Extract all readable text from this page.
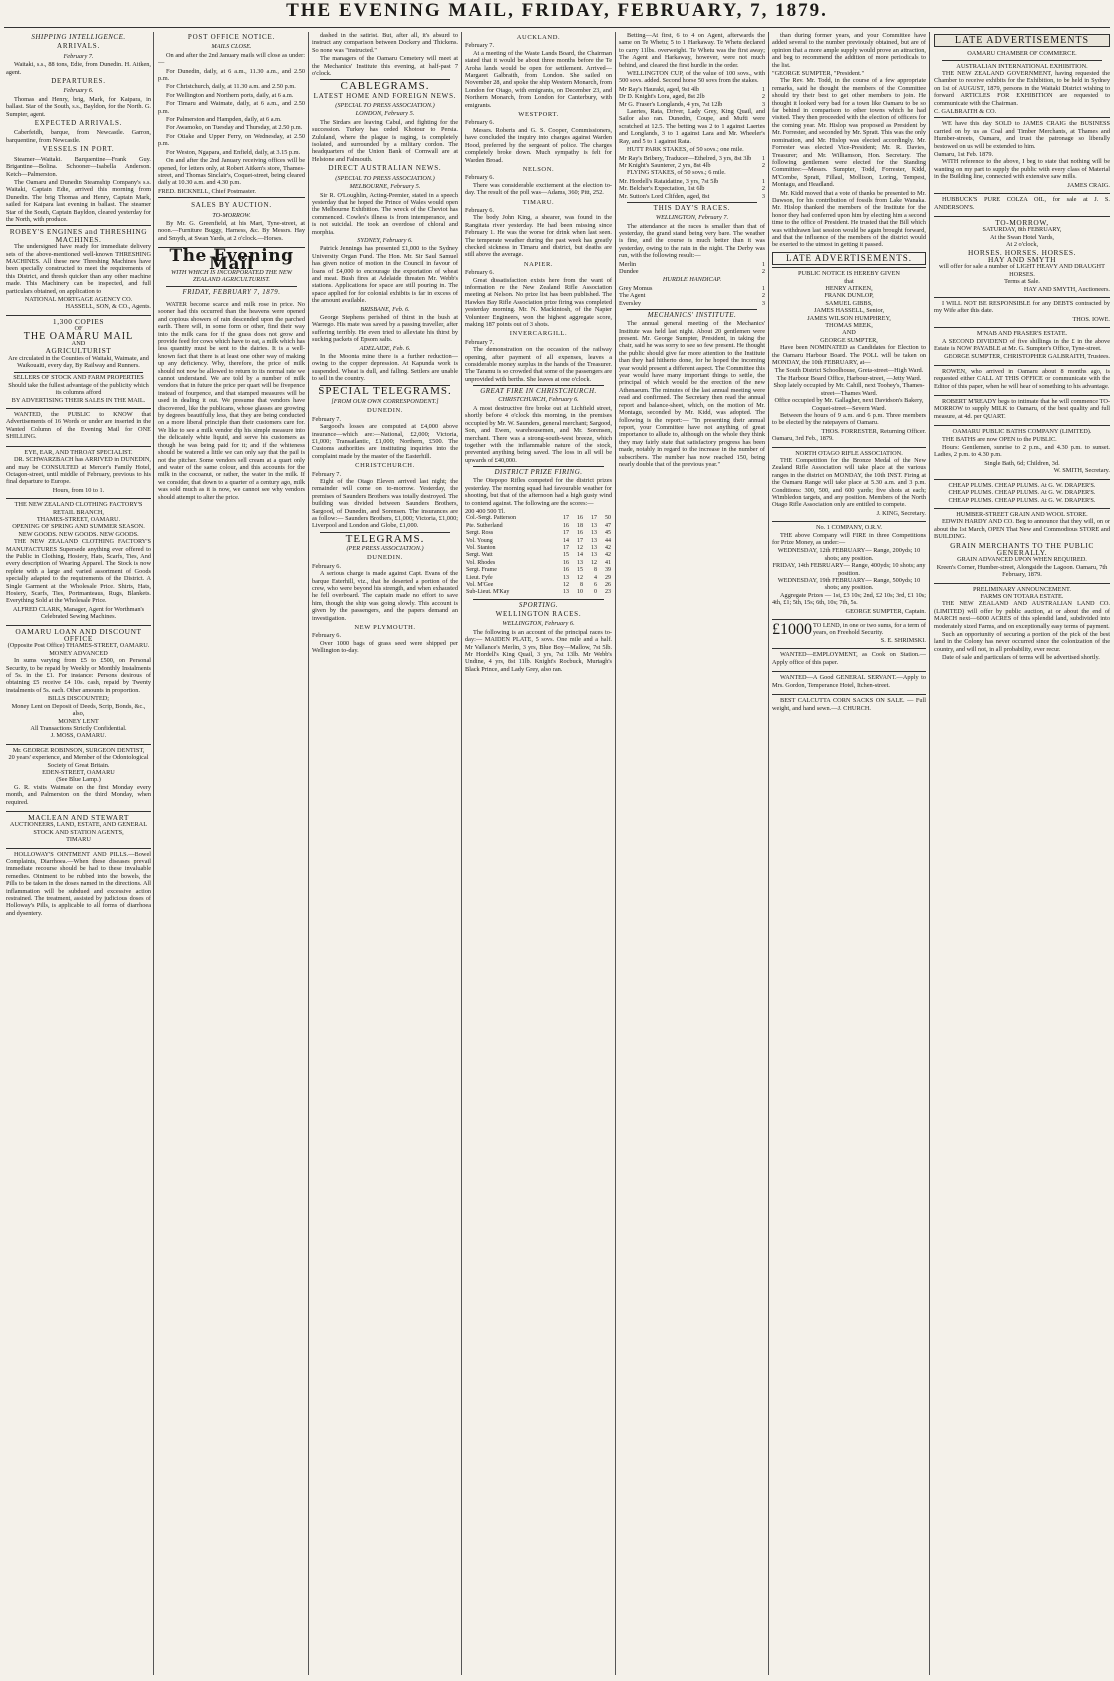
THE EVENING MAIL, FRIDAY, FEBRUARY, 7, 1879.
SHIPPING INTELLIGENCE.
ARRIVALS.
February 7.

Waitaki, s.s., 88 tons, Edie, from Dunedin. H. Aitken, agent.

DEPARTURES.
February 6.

Thomas and Henry, brig, Mark, for Kaipara, in ballast. Star of the South, s.s., Bayldon, for the North. G. Sumpter, agent.

EXPECTED ARRIVALS.

Caberfeidh, barque, from Newcastle. Garron, barquentine, from Newcastle.

VESSELS IN PORT.

Steamer—Waitaki. Barquentine—Frank Guy. Brigantine—Bolina. Schooner—Isabella Anderson. Ketch—Palmerston.

The Oamaru and Dunedin Steamship Company's s.s. Waitaki, Captain Edie, arrived this morning from Dunedin. The brig Thomas and Henry, Captain Mark, sailed for Kaipara last evening in ballast. The steamer Star of the South, Captain Bayldon, cleared yesterday for the North, with produce.

ROBEY'S ENGINES and THRESHING MACHINES.

The undersigned have ready for immediate delivery sets of the above-mentioned well-known THRESHING MACHINES. All these new Threshing Machines have been specially constructed to meet the requirements of this District, and thresh quicker than any other machine made. This Machinery can be inspected, and full particulars obtained, on application to

NATIONAL MORTGAGE AGENCY CO.
HASSELL, SON, & CO., Agents.
1,300 COPIES
OF
THE OAMARU MAIL
AND
AGRICULTURIST
Are circulated in the Counties of Waitaki, Waimate, and Waikouaiti, every day, By Railway and Runners.
SELLERS OF STOCK AND FARM PROPERTIES
Should take the fullest advantage of the publicity which its columns afford
BY ADVERTISING THEIR SALES IN THE MAIL.

WANTED, the PUBLIC to KNOW that Advertisements of 16 Words or under are inserted in the Wanted Column of the Evening Mail for ONE SHILLING.

EYE, EAR, AND THROAT SPECIALIST.

DR. SCHWARZBACH has ARRIVED in DUNEDIN, and may be CONSULTED at Mercer's Family Hotel, Octagon-street, until middle of February, previous to his final departure to Europe.

Hours, from 10 to 1.
THE NEW ZEALAND CLOTHING FACTORY'S RETAIL BRANCH,
THAMES-STREET, OAMARU.
OPENING OF SPRING AND SUMMER SEASON. NEW GOODS. NEW GOODS. NEW GOODS.

THE NEW ZEALAND CLOTHING FACTORY'S MANUFACTURES Supersede anything ever offered to the Public in Clothing, Hosiery, Hats, Scarfs, Ties, And every description of Wearing Apparel. The Stock is now replete with a large and varied assortment of Goods specially adapted to the requirements of the District. A Single Garment at the Wholesale Price. Shirts, Hats, Hosiery, Scarfs, Ties, Portmanteaus, Rugs, Blankets. Everything Sold at the Wholesale Price.

ALFRED CLARK, Manager, Agent for Worthman's Celebrated Sewing Machines.
OAMARU LOAN AND DISCOUNT OFFICE
(Opposite Post Office) THAMES-STREET, OAMARU.
MONEY ADVANCED

In sums varying from £5 to £500, on Personal Security, to be repaid by Weekly or Monthly Instalments of 5s. in the £1. For instance: Persons desirous of obtaining £5 receive £4 10s. cash, repaid by Twenty instalments of 5s. each. Other amounts in proportion.

BILLS DISCOUNTED;
Money Lent on Deposit of Deeds, Scrip, Bonds, &c., also,
MONEY LENT
All Transactions Strictly Confidential.
J. MOSS, OAMARU.
Mr. GEORGE ROBINSON, SURGEON DENTIST,
20 years' experience, and Member of the Odontological Society of Great Britain.
EDEN-STREET, OAMARU
(See Blue Lamp.)

G. R. visits Waimate on the first Monday every month, and Palmerston on the third Monday, when required.

MACLEAN AND STEWART
AUCTIONEERS, LAND, ESTATE, AND GENERAL STOCK AND STATION AGENTS,
TIMARU

HOLLOWAY'S OINTMENT AND PILLS.—Bowel Complaints, Diarrhoea.—When these diseases prevail immediate recourse should be had to these invaluable remedies. Ointment to be rubbed into the bowels, the Pills to be taken in the doses named in the directions. All inflammation will be subdued and excessive action restrained. The treatment, assisted by judicious doses of Holloway's Pills, is applicable to all forms of diarrhoea and dysentery.

POST OFFICE NOTICE.
MAILS CLOSE.

On and after the 2nd January mails will close as under:—

For Dunedin, daily, at 6 a.m., 11.30 a.m., and 2.50 p.m.

For Christchurch, daily, at 11.30 a.m. and 2.50 p.m.

For Wellington and Northern ports, daily, at 6 a.m.

For Timaru and Waimate, daily, at 6 a.m., and 2.50 p.m.

For Palmerston and Hampden, daily, at 6 a.m.

For Awamoko, on Tuesday and Thursday, at 2.50 p.m.

For Otiake and Upper Ferry, on Wednesday, at 2.50 p.m.

For Weston, Ngapara, and Enfield, daily, at 3.15 p.m.

On and after the 2nd January receiving offices will be opened, for letters only, at Robert Aitken's store, Thames-street, and Thomas Sinclair's, Coquet-street, being cleared daily at 10.30 a.m. and 4.30 p.m.

FRED. BICKNELL, Chief Postmaster.
SALES BY AUCTION.
TO-MORROW.

By Mr. G. Greenfield, at his Mart, Tyne-street, at noon.—Furniture Buggy, Harness, &c. By Messrs. Hay and Smyth, at Swan Yards, at 2 o'clock.—Horses.

The Evening Mail
WITH WHICH IS INCORPORATED THE NEW ZEALAND AGRICULTURIST.
FRIDAY, FEBRUARY 7, 1879.

WATER become scarce and milk rose in price. No sooner had this occurred than the heavens were opened and copious showers of rain descended upon the parched earth. There will, in some form or other, find their way into the milk cans for if the grass does not grow and provide feed for cows which have to eat, a milk which has less quantity must be sent to the dairies. It is a well-known fact that there is at least one other way of making up any deficiency. Why, therefore, the price of milk should not now be allowed to return to its normal rate we cannot understand. We are told by a number of milk vendors that in future the price per quart will be fivepence instead of fourpence, and that stamped measures will be used in dealing it out. We presume that vendors have discovered, like the publicans, whose glasses are growing by degrees beautifully less, that they are being conducted on a more liberal principle than their customers care for. We like to see a milk vendor dip his simple measure into the delicately white liquid, and serve his customers as though he was being paid for it; and if the whiteness should be watered a little we can only say that the pail is not the pitcher. Some vendors sell cream at a quart only and water of the same colour, and this accounts for the milk in the cocoanut, or rather, the water in the milk. If we consider, that down to a quarter of a century ago, milk was sold much as it is now, we cannot see why vendors should attempt to alter the price.

dashed in the satirist. But, after all, it's absurd to instruct any comparison between Dockery and Thickens. So none was "instructed."

The managers of the Oamaru Cemetery will meet at the Mechanics' Institute this evening, at half-past 7 o'clock.

CABLEGRAMS.
LATEST HOME AND FOREIGN NEWS.
(SPECIAL TO PRESS ASSOCIATION.)
LONDON, February 5.

The Sirdars are leaving Cabul, and fighting for the succession. Turkey has ceded Khotour to Persia. Zululand, where the plague is raging, is completely isolated, and surrounded by a military cordon. The headquarters of the Union Bank of Cornwall are at Helstone and Falmouth.

DIRECT AUSTRALIAN NEWS.
(SPECIAL TO PRESS ASSOCIATION.)
MELBOURNE, February 5.

Sir R. O'Loughlin, Acting-Premier, stated in a speech yesterday that he hoped the Prince of Wales would open the Melbourne Exhibition. The wreck of the Cheviot has commenced. Cowles's illness is from intemperance, and is not suicidal. He took an overdose of chloral and morphia.

SYDNEY, February 6.

Patrick Jennings has presented £1,000 to the Sydney University Organ Fund. The Hon. Mr. Sir Saul Samuel has given notice of motion in the Council in favour of loans of £4,000 to encourage the exportation of wheat and meat. Bush fires at Adelaide threaten Mr. Webb's stations. Applications for space are still pouring in. The space applied for for colonial exhibits is far in excess of the amount available.

BRISBANE, Feb. 6.

George Stephens perished of thirst in the bush at Warrego. His mate was saved by a passing traveller, after suffering terribly. He even tried to alleviate his thirst by sucking packets of Epsom salts.

ADELAIDE, Feb. 6.

In the Moonta mine there is a further reduction—owing to the copper depression. At Kapunda work is suspended. Wheat is dull, and falling. Settlers are unable to sell in the country.

SPECIAL TELEGRAMS.
[FROM OUR OWN CORRESPONDENT.]
DUNEDIN.
February 7.

Sargood's losses are computed at £4,000 above insurance—which are:—National, £2,000; Victoria, £1,000; Transatlantic, £1,000; Northern, £500. The Customs authorities are instituting inquiries into the complaint made by the master of the Easterhill.

CHRISTCHURCH.
February 7.

Eight of the Otago Eleven arrived last night; the remainder will come on to-morrow. Yesterday, the premises of Saunders Brothers was totally destroyed. The building was divided between Saunders Brothers, Sargood, of Dunedin, and Sorensen. The insurances are as follow:— Saunders Brothers, £1,000; Victoria, £1,000; Liverpool and London and Globe, £1,000.

TELEGRAMS.
(PER PRESS ASSOCIATION.)
DUNEDIN.
February 6.

A serious charge is made against Capt. Evans of the barque Esterhill, viz., that he deserted a portion of the crew, who were beyond his strength, and when exhausted he fell overboard. The captain made no effort to save him, though the ship was going slowly. This account is given by the passengers, and the papers demand an investigation.

NEW PLYMOUTH.
February 6.

Over 1000 bags of grass seed were shipped per Wellington to-day.

AUCKLAND.
February 7.

At a meeting of the Waste Lands Board, the Chairman stated that it would be about three months before the Te Aroha lands would be open for settlement. Arrived—Margaret Galbraith, from London. She sailed on November 28, and spoke the ship Western Monarch, from London for Otago, with emigrants, on December 23, and Northern Monarch, from London for Canterbury, with emigrants.

WESTPORT.
February 6.

Messrs. Roberts and G. S. Cooper, Commissioners, have concluded the inquiry into charges against Warden Hood, preferred by the sergeant of police. The charges completely broke down. Much sympathy is felt for Warden Broad.

NELSON.
February 6.

There was considerable excitement at the election to-day. The result of the poll was—Adams, 360; Pitt, 252.

TIMARU.
February 6.

The body John King, a shearer, was found in the Rangitata river yesterday. He had been missing since February 1. He was the worse for drink when last seen. The temperate weather during the past week has greatly checked sickness in Timaru and district, but deaths are still above the average.

NAPIER.
February 6.

Great dissatisfaction exists here from the want of information re the New Zealand Rifle Association meeting at Nelson. No prize list has been published. The Hawkes Bay Rifle Association prize firing was completed yesterday morning. Mr. N. Mackintosh, of the Napier Volunteer Engineers, won the highest aggregate score, making 187 points out of 3 shots.

INVERCARGILL.
February 7.

The demonstration on the occasion of the railway opening, after payment of all expenses, leaves a considerable money surplus in the hands of the Treasurer. The Taramu is so crowded that some of the passengers are unprovided with berths. She leaves at one o'clock.

GREAT FIRE IN CHRISTCHURCH.
CHRISTCHURCH, February 6.

A most destructive fire broke out at Lichfield street, shortly before 4 o'clock this morning, in the premises occupied by Mr. W. Saunders, general merchant; Sargood, Son, and Ewen, warehousemen, and Mr. Sorensen, merchant. There was a strong-south-west breeze, which together with the inflammable nature of the stock, prevented anything being saved. The loss in all will be upwards of £40,000.

DISTRICT PRIZE FIRING.

The Otepopo Rifles competed for the district prizes yesterday. The morning squad had favourable weather for shooting, but that of the afternoon had a high gusty wind to contend against. The following are the scores:—

200 400 500 Tl.
Col.-Sergt. Patterson	17	16	17	50
Pte. Sutherland	16	18	13	47
Sergt. Ross	17	16	13	45
Vol. Young	14	17	13	44
Vol. Stanton	17	12	13	42
Sergt. Watt	15	14	13	42
Vol. Rhodes	16	13	12	41
Sergt. Frame	16	15	8	39
Lieut. Fyfe	13	12	4	29
Vol. M'Gee	12	8	6	26
Sub-Lieut. M'Kay	13	10	0	23
SPORTING.
WELLINGTON RACES.
WELLINGTON, February 6.

The following is an account of the principal races to-day:— MAIDEN PLATE, 5 sovs. One mile and a half. Mr Vallance's Merlin, 3 yrs, Blue Boy—Mallow, 7st 5lb. Mr Hordell's King Quail, 3 yrs, 7st 13lb. Mr Webb's Undine, 4 yrs, 8st 11lb. Knight's Rocbuck, Murtagh's Black Prince, and Lady Grey, also ran.

Betting—At first, 6 to 4 on Agent, afterwards the same on Te Whetu; 5 to 1 Harkaway. Te Whetu declared to carry 11lbs. overweight. Te Whetu was the first away; The Agent and Harkaway, however, were not much behind, and cleared the first hurdle in the order.

WELLINGTON CUP, of the value of 100 sovs., with 500 sovs. added. Second horse 50 sovs from the stakes.

Mr Ray's Hauraki, aged, 9st 4lb	1
Dr D. Knight's Lora, aged, 8st 2lb	2
Mr G. Fraser's Longlands, 4 yrs, 7st 12lb	3

Laertes, Rata, Driver, Lady Grey, King Quail, and Sailor also ran. Dunedin, Coupe, and Mufti were scratched at 12.5. The betting was 2 to 1 against Laertes and Longlands, 3 to 1 against Lara and Mr. Wheeler's Ray, and 5 to 1 against Rata.

HUTT PARK STAKES, of 50 sovs.; one mile.

Mr Ray's Bribery, Traducer—Ethelred, 3 yrs, 8st 3lb	1
Mr Knight's Saunterer, 2 yrs, 8st 4lb	2

FLYING STAKES, of 50 sovs.; 6 mile.

Mr. Hordell's Rataidatine, 3 yrs, 7st 5lb	1
Mr. Belcher's Expectation, 1st 6lb	2
Mr. Sutton's Lord Clifden, aged, 8st	3
THIS DAY'S RACES.
WELLINGTON, February 7.

The attendance at the races is smaller than that of yesterday, the grand stand being very bare. The weather is fine, and the course is much better than it was yesterday, owing to the rain in the night. The Derby was run, with the following result:—

Merlin	1
Dundee	2
HURDLE HANDICAP.
Grey Momus	1
The Agent	2
Eversley	3
MECHANICS' INSTITUTE.

The annual general meeting of the Mechanics' Institute was held last night. About 20 gentlemen were present. Mr. George Sumpter, President, in taking the chair, said he was sorry to see so few present. He thought the public should give far more attention to the Institute than they had hitherto done, for he hoped the incoming year would present a different aspect. The Committee this year would have many important things to settle, the principal of which would be the erection of the new Athenaeum. The minutes of the last annual meeting were read and confirmed. The Secretary then read the annual report and balance-sheet, which, on the motion of Mr. Montagu, seconded by Mr. Kidd, was adopted. The following is the report:— "In presenting their annual report, your Committee have not anything of great importance to allude to, although on the whole they think they may fairly state that satisfactory progress has been made, notably in regard to the increase in the number of subscribers. The number has now reached 150, being nearly double that of the previous year."

than during former years, and your Committee have added several to the number previously obtained, but are of opinion that a more ample supply would prove an attraction, and beg to recommend the addition of more periodicals to the list.

"GEORGE SUMPTER, "President."

The Rev. Mr. Todd, in the course of a few appropriate remarks, said he thought the members of the Committee should try their best to get other members to join. He thought it looked very bad for a town like Oamaru to be so far behind in comparison to other towns which he had visited. They then proceeded with the election of officers for the coming year. Mr. Hislop was proposed as President by Mr. Forrester, and seconded by Mr. Spratt. This was the only nomination, and Mr. Hislop was elected accordingly. Mr. Forrester was elected Vice-President; Mr. R. Davies, Treasurer; and Mr. Williamson, Hon. Secretary. The following gentlemen were elected for the Standing Committee:—Messrs. Sumpter, Todd, Forrester, Kidd, M'Combe, Spratt, Fillaul, Mollison, Loring, Tempest, Montagu, and Headland.

Mr. Kidd moved that a vote of thanks be presented to Mr. Dawson, for his contribution of fossils from Lake Wanaka. Mr. Hislop thanked the members of the Institute for the honor they had conferred upon him by electing him a second time to the office of President. He trusted that the Bill which was withdrawn last session would be again brought forward, and that the influence of the members of the district would be exerted to the utmost in getting it passed.

LATE ADVERTISEMENTS.
PUBLIC NOTICE IS HEREBY GIVEN
that
HENRY AITKEN,
FRANK DUNLOP,
SAMUEL GIBBS,
JAMES HASSELL, Senior,
JAMES WILSON HUMPHREY,
THOMAS MEEK,
AND
GEORGE SUMPTER,

Have been NOMINATED as Candidates for Election to the Oamaru Harbour Board. The POLL will be taken on MONDAY, the 10th FEBRUARY, at—

The South District Schoolhouse, Greta-street—High Ward.
The Harbour Board Office, Harbour-street, —Jetty Ward.
Shop lately occupied by Mr. Cahill, next Toohey's, Thames-street—Thames Ward.
Office occupied by Mr. Gallagher, next Davidson's Bakery, Coquet-street—Severn Ward.

Between the hours of 9 a.m. and 6 p.m. Three members to be elected by the ratepayers of Oamaru.

THOS. FORRESTER, Returning Officer.
Oamaru, 3rd Feb., 1879.
NORTH OTAGO RIFLE ASSOCIATION.

THE Competition for the Bronze Medal of the New Zealand Rifle Association will take place at the various ranges in the district on MONDAY, the 10th INST. Firing at the Oamaru Range will take place at 5.30 a.m. and 3 p.m. Conditions: 300, 500, and 600 yards; five shots at each; Wimbledon targets, and any position. Members of the North Otago Rifle Association only are entitled to compete.

J. KING, Secretary.
No. 1 COMPANY, O.R.V.

THE above Company will FIRE in three Competitions for Prize Money, as under:—

WEDNESDAY, 12th FEBRUARY— Range, 200yds; 10 shots; any position.
FRIDAY, 14th FEBRUARY— Range, 400yds; 10 shots; any position.
WEDNESDAY, 19th FEBRUARY— Range, 500yds; 10 shots; any position.

Aggregate Prizes — 1st, £3 10s; 2nd, £2 10s; 3rd, £1 10s; 4th, £1; 5th, 15s; 6th, 10s; 7th, 5s.

GEORGE SUMPTER, Captain.
£1000 TO LEND, in one or two sums, for a term of years, on Freehold Security.
S. E. SHRIMSKI.

WANTED—EMPLOYMENT, as Cook on Station.—Apply office of this paper.

WANTED—A Good GENERAL SERVANT.—Apply to Mrs. Gordon, Temperance Hotel, Itchen-street.

BEST CALCUTTA CORN SACKS ON SALE. — Full weight, and hand sewn.—J. CHURCH.

LATE ADVERTISEMENTS
OAMARU CHAMBER OF COMMERCE.
AUSTRALIAN INTERNATIONAL EXHIBITION.

THE NEW ZEALAND GOVERNMENT, having requested the Chamber to receive exhibits for the Exhibition, to be held in Sydney on 1st of AUGUST, 1879, persons in the Waitaki District wishing to forward ARTICLES FOR EXHIBITION are requested to communicate with the Chairman.

C. GALBRAITH & CO.

WE have this day SOLD to JAMES CRAIG the BUSINESS carried on by us as Coal and Timber Merchants, at Thames and Humber-streets, Oamaru, and trust the patronage so liberally bestowed on us will be extended to him.

Oamaru, 1st Feb. 1879.

WITH reference to the above, I beg to state that nothing will be wanting on my part to supply the public with every class of Material in the Building line, connected with extensive saw mills.

JAMES CRAIG.

HUBBUCK'S PURE COLZA OIL, for sale at J. S. ANDERSON'S.

TO-MORROW,
SATURDAY, 8th FEBRUARY,
At the Swan Hotel Yards,
At 2 o'clock,
HORSES. HORSES. HORSES.
HAY AND SMYTH
will offer for sale a number of LIGHT HEAVY AND DRAUGHT HORSES.
Terms at Sale.
HAY AND SMYTH, Auctioneers.

I WILL NOT BE RESPONSIBLE for any DEBTS contracted by my Wife after this date.

THOS. IOWE.
M'NAB AND FRASER'S ESTATE.

A SECOND DIVIDEND of five shillings in the £ in the above Estate is NOW PAYABLE at Mr. G. Sumpter's Office, Tyne-street.

GEORGE SUMPTER, CHRISTOPHER GALBRAITH, Trustees.

ROWEN, who arrived in Oamaru about 8 months ago, is requested either CALL AT THIS OFFICE or communicate with the Editor of this paper, when he will hear of something to his advantage.

ROBERT M'READY begs to intimate that he will commence TO-MORROW to supply MILK to Oamaru, of the best quality and full measure, at 4d. per QUART.

OAMARU PUBLIC BATHS COMPANY (LIMITED).

THE BATHS are now OPEN to the PUBLIC.

Hours: Gentlemen, sunrise to 2 p.m., and 4.30 p.m. to sunset. Ladies, 2 p.m. to 4.30 p.m.

Single Bath, 6d; Children, 3d.
W. SMITH, Secretary.
CHEAP PLUMS. CHEAP PLUMS. At G. W. DRAPER'S.
CHEAP PLUMS. CHEAP PLUMS. At G. W. DRAPER'S.
CHEAP PLUMS. CHEAP PLUMS. At G. W. DRAPER'S.
HUMBER-STREET GRAIN AND WOOL STORE.

EDWIN HARDY AND CO. Beg to announce that they will, on or about the 1st March, OPEN That New and Commodious STORE and BUILDING.

GRAIN MERCHANTS TO THE PUBLIC GENERALLY.
GRAIN ADVANCED UPON WHEN REQUIRED.
Kreen's Corner, Humber-street, Alongside the Lagoon. Oamaru, 7th February, 1879.
PRELIMINARY ANNOUNCEMENT.
FARMS ON TOTARA ESTATE.

THE NEW ZEALAND AND AUSTRALIAN LAND CO. (LIMITED) will offer by public auction, at or about the end of MARCH next—6000 ACRES of this splendid land, subdivided into moderately sized Farms, and on exceptionally easy terms of payment.

Such an opportunity of securing a portion of the pick of the best land in the Colony has never occurred since the colonization of the country, and will not, in all probability, ever recur.

Date of sale and particulars of terms will be advertised shortly.
